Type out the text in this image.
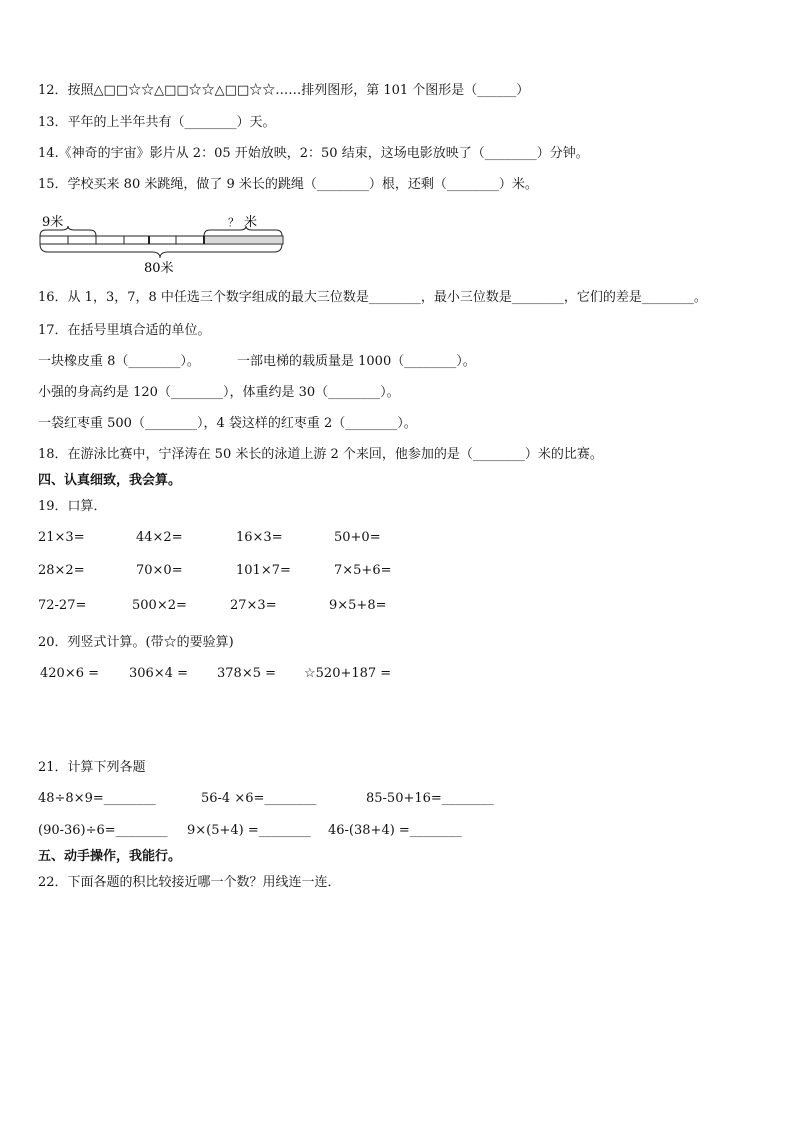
12．按照△□□☆☆△□□☆☆△□□☆☆……排列图形，第 101 个图形是（______）
13．平年的上半年共有（________）天。
14.《神奇的宇宙》影片从 2：05 开始放映，2：50 结束，这场电影放映了（________）分钟。
15．学校买来 80 米跳绳，做了 9 米长的跳绳（________）根，还剩（________）米。
9米	？ 米
80米
16．从 1，3，7，8 中任选三个数字组成的最大三位数是________，最小三位数是________，它们的差是________。
17．在括号里填合适的单位。
一块橡皮重 8（________）。	一部电梯的载质量是 1000（________）。
小强的身高约是 120（________），体重约是 30（________）。
一袋红枣重 500（________），4 袋这样的红枣重 2（________）。
18．在游泳比赛中，宁泽涛在 50 米长的泳道上游 2 个来回，他参加的是（________）米的比赛。
四、认真细致，我会算。
19．口算．
21×3=	44×2=	16×3=	50+0=
28×2=	70×0=	101×7=	7×5+6=
72-27=	500×2=	27×3=	9×5+8=
20．列竖式计算。(带☆的要验算)
420×6 = 306×4 = 378×5 = ☆520+187 =
21．计算下列各题
48÷8×9=________	56-4 ×6=________	85-50+16=________
(90-36)÷6=________ 9×(5+4) =________ 46-(38+4) =________
五、动手操作，我能行。
22．下面各题的积比较接近哪一个数？用线连一连．
